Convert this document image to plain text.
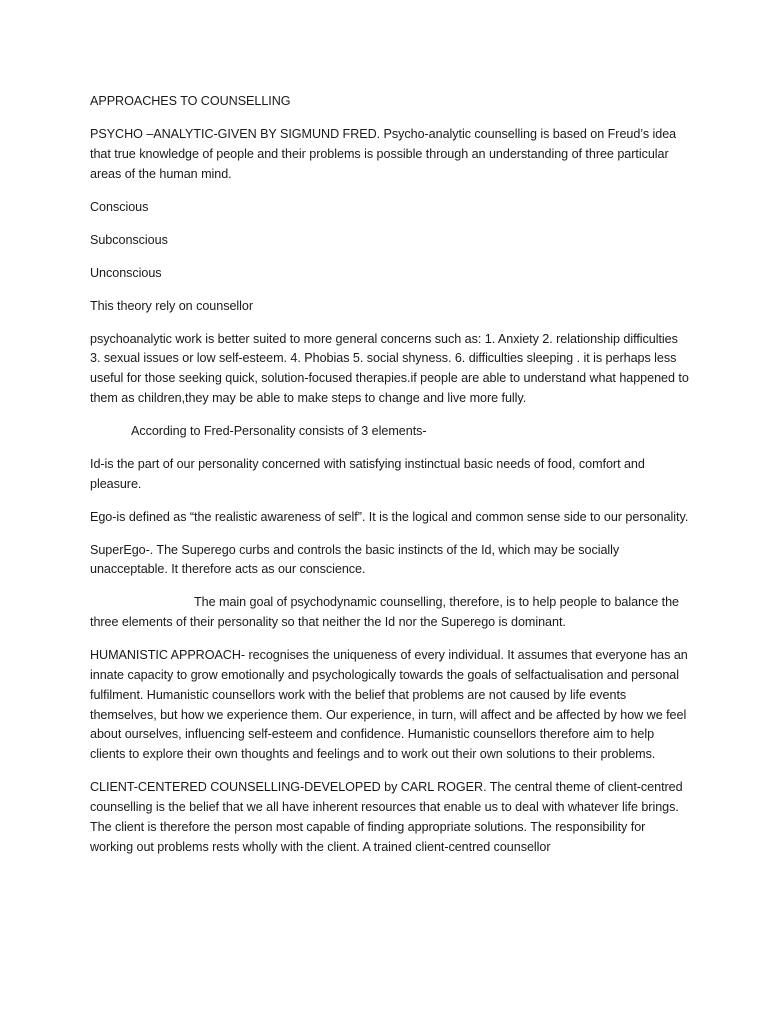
APPROACHES TO COUNSELLING

PSYCHO –ANALYTIC-GIVEN BY SIGMUND FRED. Psycho-analytic counselling is based on Freud’s idea that true knowledge of people and their problems is possible through an understanding of three particular areas of the human mind.

Conscious

Subconscious

Unconscious

This theory rely on counsellor

psychoanalytic work is better suited to more general concerns such as: 1. Anxiety 2. relationship difficulties 3. sexual issues or low self-esteem. 4. Phobias 5. social shyness. 6. difficulties sleeping . it is perhaps less useful for those seeking quick, solution-focused therapies.if people are able to understand what happened to them as children,they may be able to make steps to change and live more fully.

According to Fred-Personality consists of 3 elements-

Id-is the part of our personality concerned with satisfying instinctual basic needs of food, comfort and pleasure.

Ego-is defined as “the realistic awareness of self”. It is the logical and common sense side to our personality.

SuperEgo-. The Superego curbs and controls the basic instincts of the Id, which may be socially unacceptable. It therefore acts as our conscience.

The main goal of psychodynamic counselling, therefore, is to help people to balance the three elements of their personality so that neither the Id nor the Superego is dominant.

HUMANISTIC APPROACH- recognises the uniqueness of every individual. It assumes that everyone has an innate capacity to grow emotionally and psychologically towards the goals of selfactualisation and personal fulfilment. Humanistic counsellors work with the belief that problems are not caused by life events themselves, but how we experience them. Our experience, in turn, will affect and be affected by how we feel about ourselves, influencing self-esteem and confidence. Humanistic counsellors therefore aim to help clients to explore their own thoughts and feelings and to work out their own solutions to their problems.

CLIENT-CENTERED COUNSELLING-DEVELOPED by CARL ROGER. The central theme of client-centred counselling is the belief that we all have inherent resources that enable us to deal with whatever life brings. The client is therefore the person most capable of finding appropriate solutions. The responsibility for working out problems rests wholly with the client. A trained client-centred counsellor
